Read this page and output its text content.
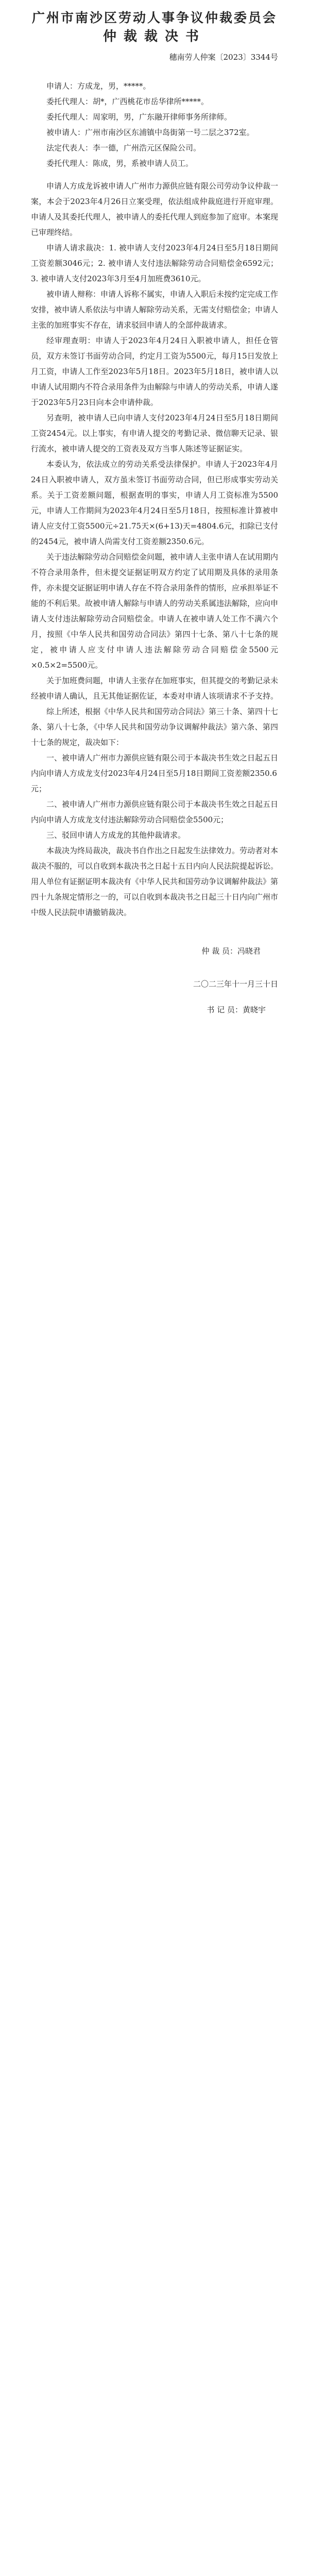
广州市南沙区劳动人事争议仲裁委员会
仲裁裁决书
穗南劳人仲案〔2023〕3344号

申请人：方成龙，男，*****。

委托代理人：胡*，广西桃花市岳华律所*****。

委托代理人：周家明，男，广东融开律师事务所律师。

被申请人：广州市南沙区东浦镇中岛街第一号二层之372室。

法定代表人：李一德，广州浩元区保险公司。

委托代理人：陈成，男，系被申请人员工。

申请人方成龙诉被申请人广州市力源供应链有限公司劳动争议仲裁一案，本会于2023年4月26日立案受理，依法组成仲裁庭进行开庭审理。申请人及其委托代理人，被申请人的委托代理人到庭参加了庭审。本案现已审理终结。

申请人请求裁决：1. 被申请人支付2023年4月24日至5月18日期间工资差额3046元；2. 被申请人支付违法解除劳动合同赔偿金6592元；3. 被申请人支付2023年3月至4月加班费3610元。

被申请人辩称：申请人诉称不属实，申请人入职后未按约定完成工作安排，被申请人系依法与申请人解除劳动关系，无需支付赔偿金；申请人主张的加班事实不存在，请求驳回申请人的全部仲裁请求。

经审理查明：申请人于2023年4月24日入职被申请人，担任仓管员，双方未签订书面劳动合同，约定月工资为5500元，每月15日发放上月工资，申请人工作至2023年5月18日。2023年5月18日，被申请人以申请人试用期内不符合录用条件为由解除与申请人的劳动关系，申请人遂于2023年5月23日向本会申请仲裁。

另查明，被申请人已向申请人支付2023年4月24日至5月18日期间工资2454元。以上事实，有申请人提交的考勤记录、微信聊天记录、银行流水，被申请人提交的工资表及双方当事人陈述等证据证实。

本委认为，依法成立的劳动关系受法律保护。申请人于2023年4月24日入职被申请人，双方虽未签订书面劳动合同，但已形成事实劳动关系。关于工资差额问题，根据查明的事实，申请人月工资标准为5500元，申请人工作期间为2023年4月24日至5月18日，按照标准计算被申请人应支付工资5500元÷21.75天×(6+13)天=4804.6元，扣除已支付的2454元，被申请人尚需支付工资差额2350.6元。

关于违法解除劳动合同赔偿金问题，被申请人主张申请人在试用期内不符合录用条件，但未提交证据证明双方约定了试用期及具体的录用条件，亦未提交证据证明申请人存在不符合录用条件的情形，应承担举证不能的不利后果。故被申请人解除与申请人的劳动关系属违法解除，应向申请人支付违法解除劳动合同赔偿金。申请人在被申请人处工作不满六个月，按照《中华人民共和国劳动合同法》第四十七条、第八十七条的规定，被申请人应支付申请人违法解除劳动合同赔偿金5500元×0.5×2=5500元。

关于加班费问题，申请人主张存在加班事实，但其提交的考勤记录未经被申请人确认，且无其他证据佐证，本委对申请人该项请求不予支持。

综上所述，根据《中华人民共和国劳动合同法》第三十条、第四十七条、第八十七条，《中华人民共和国劳动争议调解仲裁法》第六条、第四十七条的规定，裁决如下：

一、被申请人广州市力源供应链有限公司于本裁决书生效之日起五日内向申请人方成龙支付2023年4月24日至5月18日期间工资差额2350.6元；

二、被申请人广州市力源供应链有限公司于本裁决书生效之日起五日内向申请人方成龙支付违法解除劳动合同赔偿金5500元；

三、驳回申请人方成龙的其他仲裁请求。

本裁决为终局裁决，裁决书自作出之日起发生法律效力。劳动者对本裁决不服的，可以自收到本裁决书之日起十五日内向人民法院提起诉讼。用人单位有证据证明本裁决有《中华人民共和国劳动争议调解仲裁法》第四十九条规定情形之一的，可以自收到本裁决书之日起三十日内向广州市中级人民法院申请撤销裁决。

仲 裁 员：冯晓君
二〇二三年十一月三十日
书 记 员：黄晓宇
